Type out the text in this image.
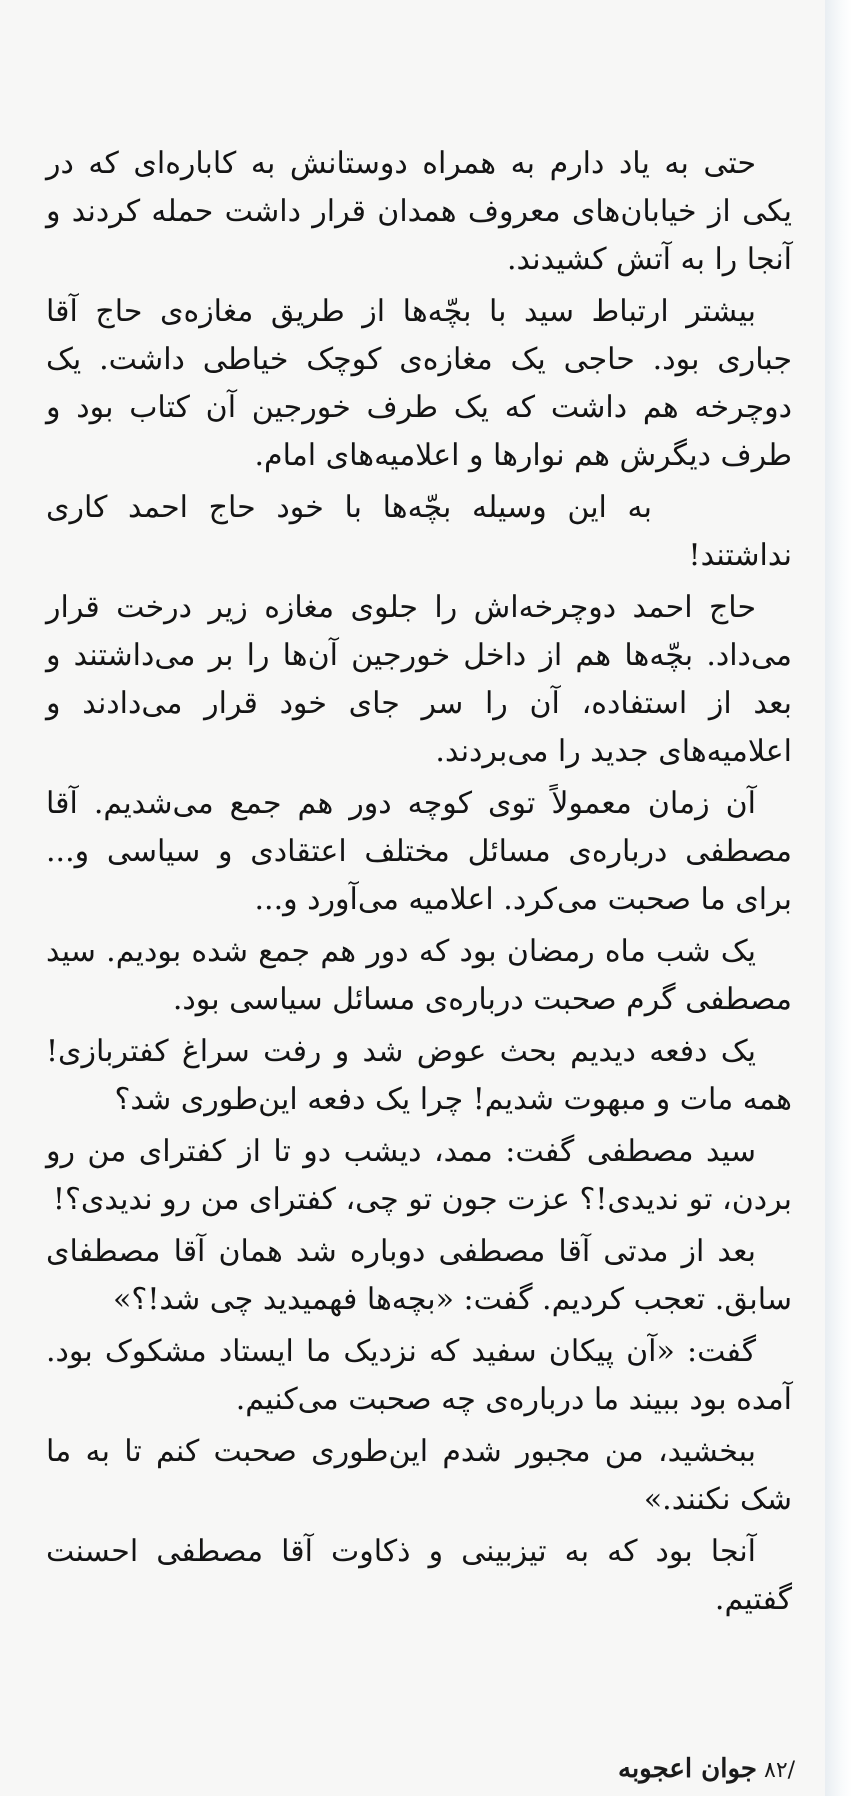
حتی به یاد دارم به همراه دوستانش به کاباره‌ای که در یکی از خیابان‌های معروف همدان قرار داشت حمله کردند و آنجا را به آتش کشیدند.

بیشتر ارتباط سید با بچّه‌ها از طریق مغازه‌ی حاج آقا جباری بود. حاجی یک مغازه‌ی کوچک خیاطی داشت. یک دوچرخه هم داشت که یک طرف خورجین آن کتاب بود و طرف دیگرش هم نوارها و اعلامیه‌های امام.

به این وسیله بچّه‌ها با خود حاج احمد کاری نداشتند!

حاج احمد دوچرخه‌اش را جلوی مغازه زیر درخت قرار می‌داد. بچّه‌ها هم از داخل خورجین آن‌ها را بر می‌داشتند و بعد از استفاده، آن را سر جای خود قرار می‌دادند و اعلامیه‌های جدید را می‌بردند.

آن زمان معمولاً توی کوچه دور هم جمع می‌شدیم. آقا مصطفی درباره‌ی مسائل مختلف اعتقادی و سیاسی و... برای ما صحبت می‌کرد. اعلامیه می‌آورد و...

یک شب ماه رمضان بود که دور هم جمع شده بودیم. سید مصطفی گرم صحبت درباره‌ی مسائل سیاسی بود.

یک دفعه دیدیم بحث عوض شد و رفت سراغ کفتربازی! همه مات و مبهوت شدیم! چرا یک دفعه این‌طوری شد؟

سید مصطفی گفت: ممد، دیشب دو تا از کفترای من رو بردن، تو ندیدی!؟ عزت جون تو چی، کفترای من رو ندیدی؟!

بعد از مدتی آقا مصطفی دوباره شد همان آقا مصطفای سابق. تعجب کردیم. گفت: «بچه‌ها فهمیدید چی شد!؟»

گفت: «آن پیکان سفید که نزدیک ما ایستاد مشکوک بود. آمده بود ببیند ما درباره‌ی چه صحبت می‌کنیم.

ببخشید، من مجبور شدم این‌طوری صحبت کنم تا به ما شک نکنند.»

آنجا بود که به تیزبینی و ذکاوت آقا مصطفی احسنت گفتیم.

/۸۲ جوان اعجوبه
